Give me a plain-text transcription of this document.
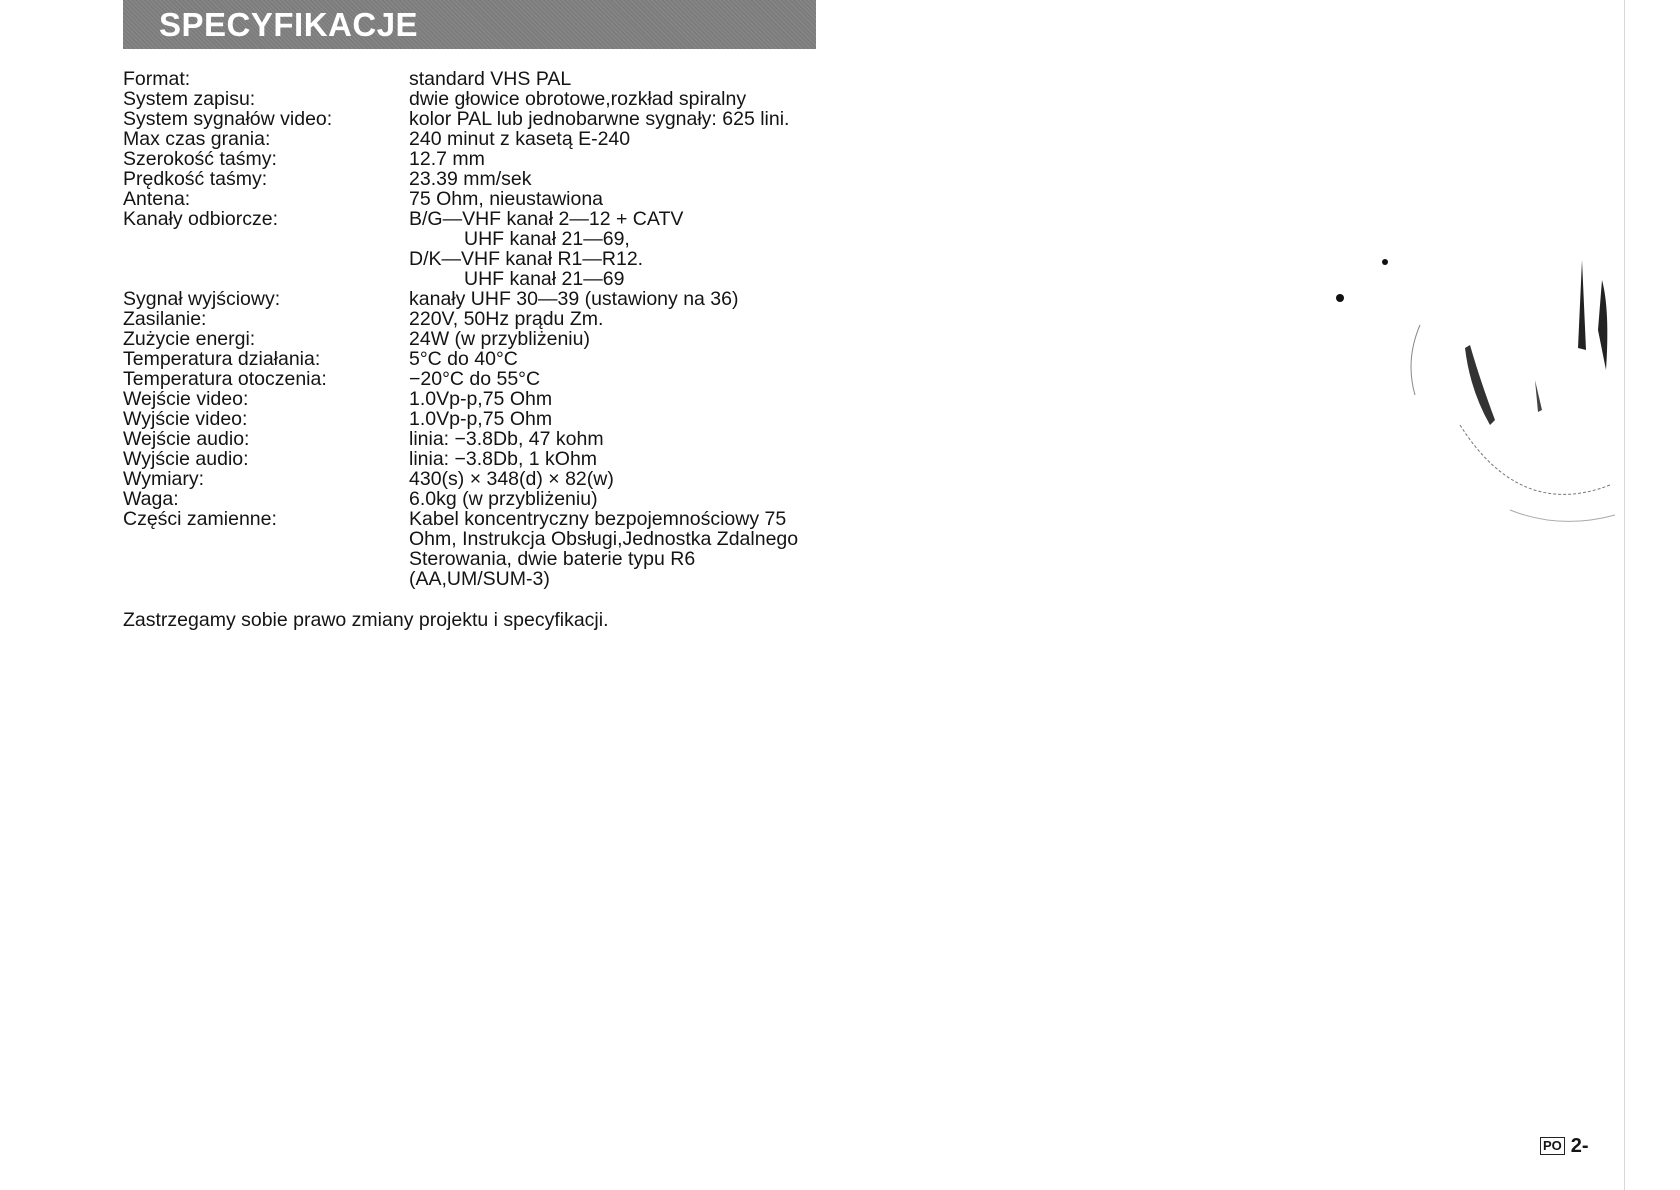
SPECYFIKACJE
Format:	standard VHS PAL
System zapisu:	dwie głowice obrotowe,rozkład spiralny
System sygnałów video:	kolor PAL lub jednobarwne sygnały: 625 lini.
Max czas grania:	240 minut z kasetą E-240
Szerokość taśmy:	12.7 mm
Prędkość taśmy:	23.39 mm/sek
Antena:	75 Ohm, nieustawiona
Kanały odbiorcze:	B/G—VHF kanał 2—12 + CATV
UHF kanał 21—69,
D/K—VHF kanał R1—R12.
UHF kanał 21—69
Sygnał wyjściowy:	kanały UHF 30—39 (ustawiony na 36)
Zasilanie:	220V, 50Hz prądu Zm.
Zużycie energi:	24W (w przybliżeniu)
Temperatura działania:	5°C do 40°C
Temperatura otoczenia:	−20°C do 55°C
Wejście video:	1.0Vp-p,75 Ohm
Wyjście video:	1.0Vp-p,75 Ohm
Wejście audio:	linia: −3.8Db, 47 kohm
Wyjście audio:	linia: −3.8Db, 1 kOhm
Wymiary:	430(s) × 348(d) × 82(w)
Waga:	6.0kg (w przybliżeniu)
Części zamienne:	Kabel koncentryczny bezpojemnościowy 75
Ohm, Instrukcja Obsługi,Jednostka Zdalnego
Sterowania, dwie baterie typu R6
(AA,UM/SUM-3)
Zastrzegamy sobie prawo zmiany projektu i specyfikacji.
PO 2‑
